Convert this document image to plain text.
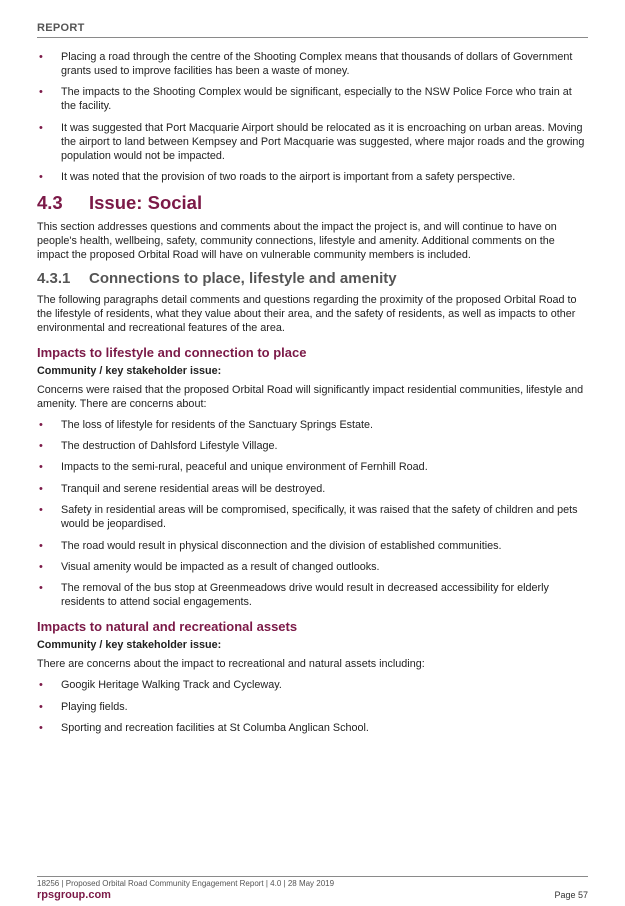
REPORT
• Placing a road through the centre of the Shooting Complex means that thousands of dollars of Government grants used to improve facilities has been a waste of money.
• The impacts to the Shooting Complex would be significant, especially to the NSW Police Force who train at the facility.
• It was suggested that Port Macquarie Airport should be relocated as it is encroaching on urban areas. Moving the airport to land between Kempsey and Port Macquarie was suggested, where major roads and the growing population would not be impacted.
• It was noted that the provision of two roads to the airport is important from a safety perspective.
4.3 Issue: Social

This section addresses questions and comments about the impact the project is, and will continue to have on people's health, wellbeing, safety, community connections, lifestyle and amenity. Additional comments on the impact the proposed Orbital Road will have on vulnerable community members is included.

4.3.1 Connections to place, lifestyle and amenity

The following paragraphs detail comments and questions regarding the proximity of the proposed Orbital Road to the lifestyle of residents, what they value about their area, and the safety of residents, as well as impacts to other environmental and recreational features of the area.

Impacts to lifestyle and connection to place

Community / key stakeholder issue:

Concerns were raised that the proposed Orbital Road will significantly impact residential communities, lifestyle and amenity. There are concerns about:

• The loss of lifestyle for residents of the Sanctuary Springs Estate.
• The destruction of Dahlsford Lifestyle Village.
• Impacts to the semi-rural, peaceful and unique environment of Fernhill Road.
• Tranquil and serene residential areas will be destroyed.
• Safety in residential areas will be compromised, specifically, it was raised that the safety of children and pets would be jeopardised.
• The road would result in physical disconnection and the division of established communities.
• Visual amenity would be impacted as a result of changed outlooks.
• The removal of the bus stop at Greenmeadows drive would result in decreased accessibility for elderly residents to attend social engagements.
Impacts to natural and recreational assets

Community / key stakeholder issue:

There are concerns about the impact to recreational and natural assets including:

• Googik Heritage Walking Track and Cycleway.
• Playing fields.
• Sporting and recreation facilities at St Columba Anglican School.
18256 | Proposed Orbital Road Community Engagement Report | 4.0 | 28 May 2019
rpsgroup.com	Page 57
